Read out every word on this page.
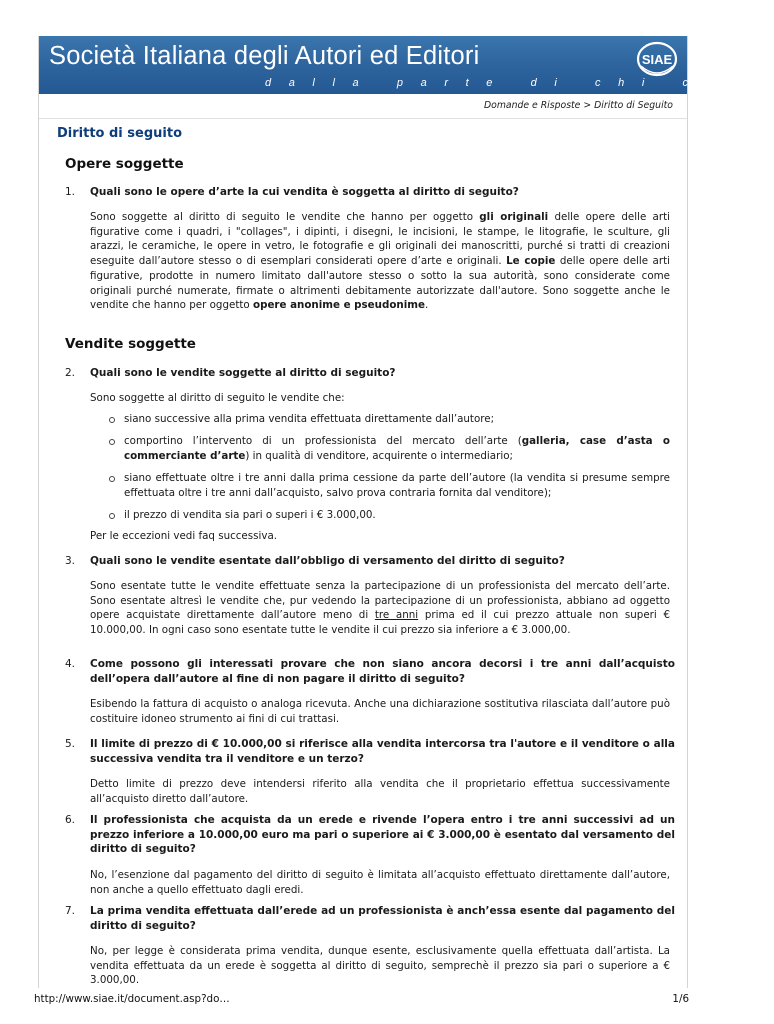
Società Italiana degli Autori ed Editori
dalla parte di chi crea
SIAE
Domande e Risposte > Diritto di Seguito
Diritto di seguito
Opere soggette
1. Quali sono le opere d’arte la cui vendita è soggetta al diritto di seguito?

Sono soggette al diritto di seguito le vendite che hanno per oggetto gli originali delle opere delle arti figurative come i quadri, i "collages", i dipinti, i disegni, le incisioni, le stampe, le litografie, le sculture, gli arazzi, le ceramiche, le opere in vetro, le fotografie e gli originali dei manoscritti, purché si tratti di creazioni eseguite dall’autore stesso o di esemplari considerati opere d’arte e originali. Le copie delle opere delle arti figurative, prodotte in numero limitato dall'autore stesso o sotto la sua autorità, sono considerate come originali purché numerate, firmate o altrimenti debitamente autorizzate dall'autore. Sono soggette anche le vendite che hanno per oggetto opere anonime e pseudonime.

Vendite soggette
2. Quali sono le vendite soggette al diritto di seguito?

Sono soggette al diritto di seguito le vendite che:

siano successive alla prima vendita effettuata direttamente dall’autore;
comportino l’intervento di un professionista del mercato dell’arte (galleria, case d’asta o commerciante d’arte) in qualità di venditore, acquirente o intermediario;
siano effettuate oltre i tre anni dalla prima cessione da parte dell’autore (la vendita si presume sempre effettuata oltre i tre anni dall’acquisto, salvo prova contraria fornita dal venditore);
il prezzo di vendita sia pari o superi i € 3.000,00.

Per le eccezioni vedi faq successiva.

3. Quali sono le vendite esentate dall’obbligo di versamento del diritto di seguito?

Sono esentate tutte le vendite effettuate senza la partecipazione di un professionista del mercato dell’arte. Sono esentate altresì le vendite che, pur vedendo la partecipazione di un professionista, abbiano ad oggetto opere acquistate direttamente dall’autore meno di tre anni prima ed il cui prezzo attuale non superi € 10.000,00. In ogni caso sono esentate tutte le vendite il cui prezzo sia inferiore a € 3.000,00.

4. Come possono gli interessati provare che non siano ancora decorsi i tre anni dall’acquisto dell’opera dall’autore al fine di non pagare il diritto di seguito?

Esibendo la fattura di acquisto o analoga ricevuta. Anche una dichiarazione sostitutiva rilasciata dall’autore può costituire idoneo strumento ai fini di cui trattasi.

5. Il limite di prezzo di € 10.000,00 si riferisce alla vendita intercorsa tra l'autore e il venditore o alla successiva vendita tra il venditore e un terzo?

Detto limite di prezzo deve intendersi riferito alla vendita che il proprietario effettua successivamente all’acquisto diretto dall’autore.

6. Il professionista che acquista da un erede e rivende l’opera entro i tre anni successivi ad un prezzo inferiore a 10.000,00 euro ma pari o superiore ai € 3.000,00 è esentato dal versamento del diritto di seguito?

No, l’esenzione dal pagamento del diritto di seguito è limitata all’acquisto effettuato direttamente dall’autore, non anche a quello effettuato dagli eredi.

7. La prima vendita effettuata dall’erede ad un professionista è anch’essa esente dal pagamento del diritto di seguito?

No, per legge è considerata prima vendita, dunque esente, esclusivamente quella effettuata dall’artista. La vendita effettuata da un erede è soggetta al diritto di seguito, semprechè il prezzo sia pari o superiore a € 3.000,00.

http://www.siae.it/document.asp?do…	1/6
